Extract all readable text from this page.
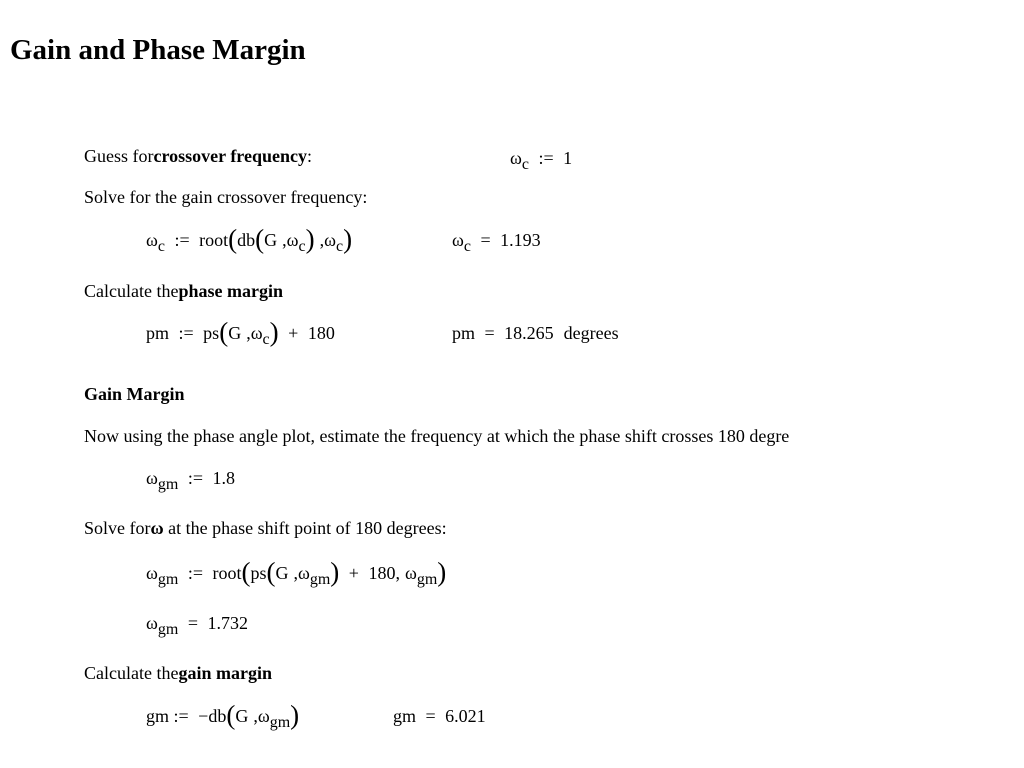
Gain and Phase Margin
Guess forcrossover frequency:	ωc := 1
Solve for the gain crossover frequency:
ωc := root(db(G ,ωc) ,ωc)	ωc = 1.193
Calculate thephase margin
pm := ps(G ,ωc) + 180	pm = 18.265 degrees
Gain Margin
Now using the phase angle plot, estimate the frequency at which the phase shift crosses 180 degre
ωgm := 1.8
Solve forω at the phase shift point of 180 degrees:
ωgm := root(ps(G ,ωgm) + 180, ωgm)
ωgm = 1.732
Calculate thegain margin
gm := −db(G ,ωgm)	gm = 6.021
